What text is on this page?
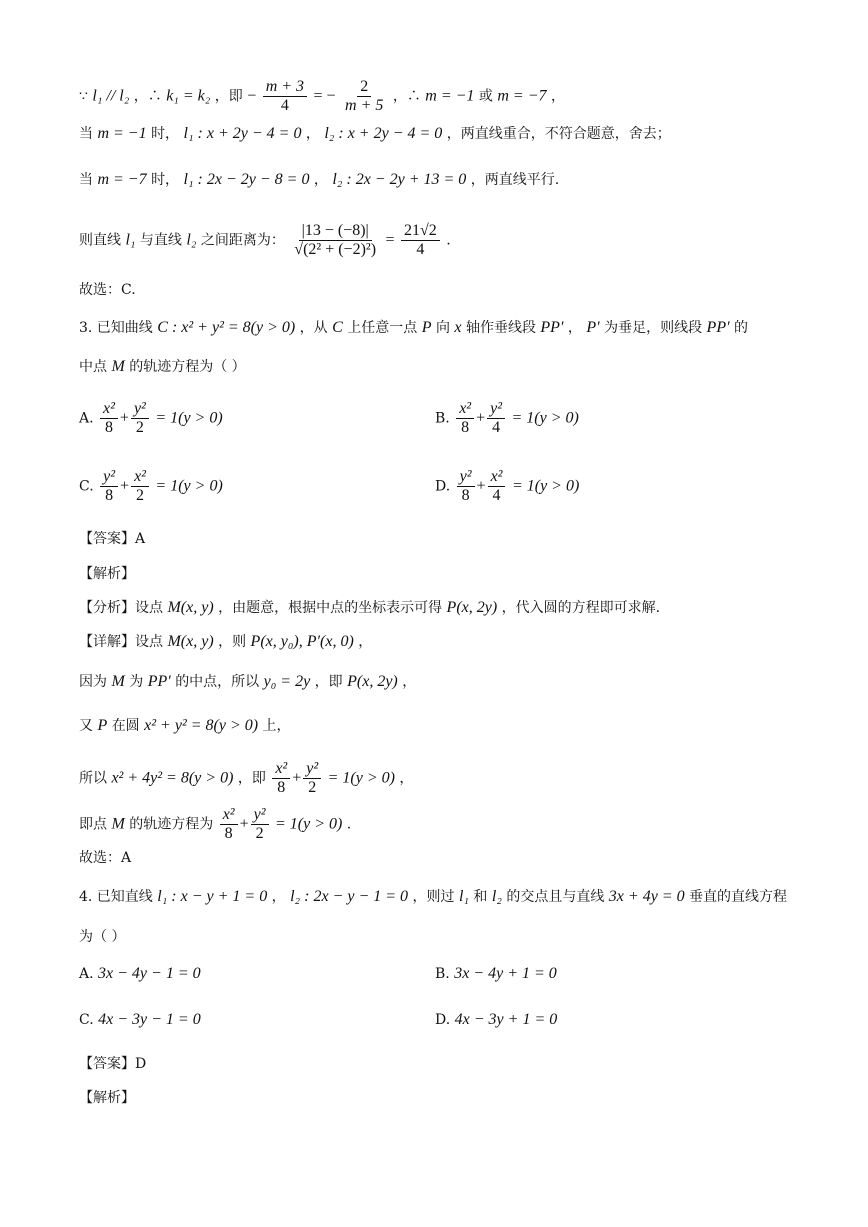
∵ l₁ // l₂ ，∴ k₁ = k₂ ，即 − $\frac{m + 3}{4}$ = − $\frac{2}{m + 5}$ ，∴ m = −1 或 m = −7 ，
当 m = −1 时， l₁ : x + 2y − 4 = 0 ， l₂ : x + 2y − 4 = 0 ，两直线重合，不符合题意，舍去；
当 m = −7 时， l₁ : 2x − 2y − 8 = 0 ， l₂ : 2x − 2y + 13 = 0 ，两直线平行.
则直线 l₁ 与直线 l₂ 之间距离为： $\frac{|13 - (-8)|}{\text{√(2² + (−2)²)}} = \frac{21√2}{4}$ .
故选：C.
3. 已知曲线 C : x² + y² = 8(y > 0) ，从 C 上任意一点 P 向 x 轴作垂线段 PP′ ， P′ 为垂足，则线段 PP′ 的
中点 M 的轨迹方程为（ ）
A. $\frac{\text{x²}}{8} + \frac{\text{y²}}{2} = 1(y > 0)$	B. $\frac{\text{x²}}{8} + \frac{\text{y²}}{4} = 1(y > 0)$
C. $\frac{\text{y²}}{8} + \frac{\text{x²}}{2} = 1(y > 0)$	D. $\frac{\text{y²}}{8} + \frac{\text{x²}}{4} = 1(y > 0)$
【答案】A
【解析】
【分析】设点 M(x, y) ，由题意，根据中点的坐标表示可得 P(x, 2y) ，代入圆的方程即可求解.
【详解】设点 M(x, y) ，则 P(x, y₀), P′(x, 0) ，
因为 M 为 PP′ 的中点，所以 y₀ = 2y ，即 P(x, 2y) ，
又 P 在圆 x² + y² = 8(y > 0) 上，
所以 x² + 4y² = 8(y > 0) ，即 $\frac{\text{x²}}{8} + \frac{\text{y²}}{2} = 1(y > 0)$ ，
即点 M 的轨迹方程为 $\frac{\text{x²}}{8} + \frac{\text{y²}}{2} = 1(y > 0)$ .
故选：A
4. 已知直线 l₁ : x − y + 1 = 0 ， l₂ : 2x − y − 1 = 0 ，则过 l₁ 和 l₂ 的交点且与直线 3x + 4y = 0 垂直的直线方程
为（ ）
A. 3x − 4y − 1 = 0	B. 3x − 4y + 1 = 0
C. 4x − 3y − 1 = 0	D. 4x − 3y + 1 = 0
【答案】D
【解析】
